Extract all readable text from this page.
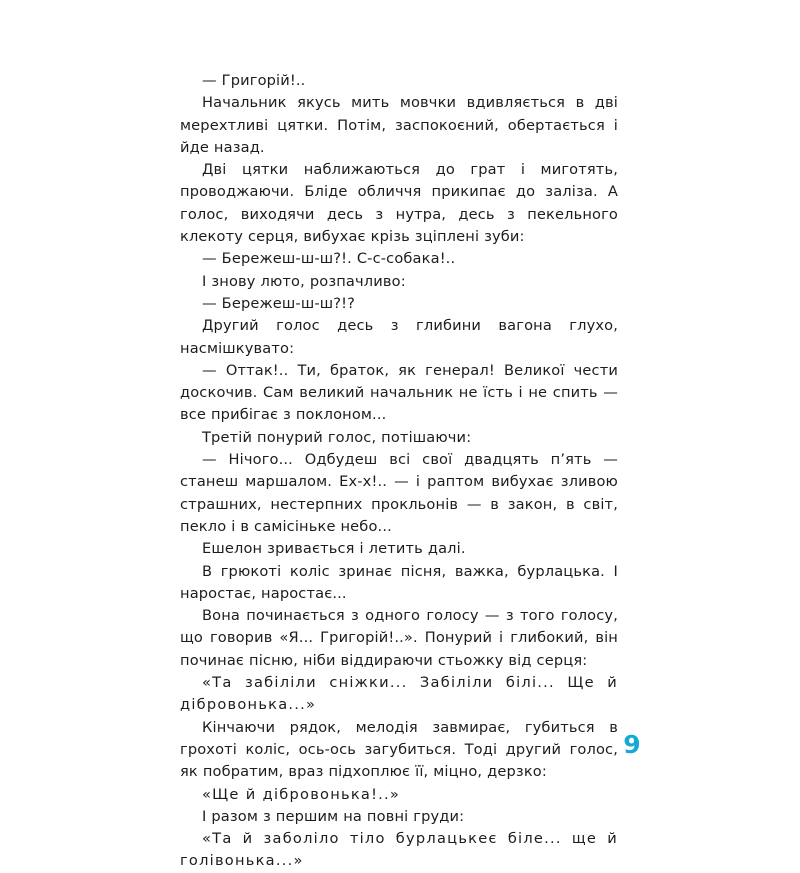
— Григорій!..

Начальник якусь мить мовчки вдивляється в дві мерехтливі цятки. Потім, заспокоєний, обертається і йде назад.

Дві цятки наближаються до грат і миготять, проводжаючи. Бліде обличчя прикипає до заліза. А голос, виходячи десь з нутра, десь з пекельного клекоту серця, вибухає крізь зціплені зуби:

— Бережеш-ш-ш?!. С-с-собака!..

І знову люто, розпачливо:

— Бережеш-ш-ш?!?

Другий голос десь з глибини вагона глухо, насмішкувато:

— Оттак!.. Ти, браток, як генерал! Великої чести доскочив. Сам великий начальник не їсть і не спить — все прибігає з поклоном...

Третій понурий голос, потішаючи:

— Нічого... Одбудеш всі свої двадцять п’ять — станеш маршалом. Ех-х!.. — і раптом вибухає зливою страшних, нестерпних прокльонів — в закон, в світ, пекло і в самісіньке небо...

Ешелон зривається і летить далі.

В грюкоті коліс зринає пісня, важка, бурлацька. І наростає, наростає...

Вона починається з одного голосу — з того голосу, що говорив «Я... Григорій!..». Понурий і глибокий, він починає пісню, ніби віддираючи стьожку від серця:

«Та забіліли сніжки... Забіліли білі... Ще й дібровонька...»

Кінчаючи рядок, мелодія завмирає, губиться в грохоті коліс, ось-ось загубиться. Тоді другий голос, як побратим, враз підхоплює її, міцно, дерзко:

«Ще й дібровонька!..»

І разом з першим на повні груди:

«Та й заболіло тіло бурлацькеє біле... ще й голівонька...»

9
